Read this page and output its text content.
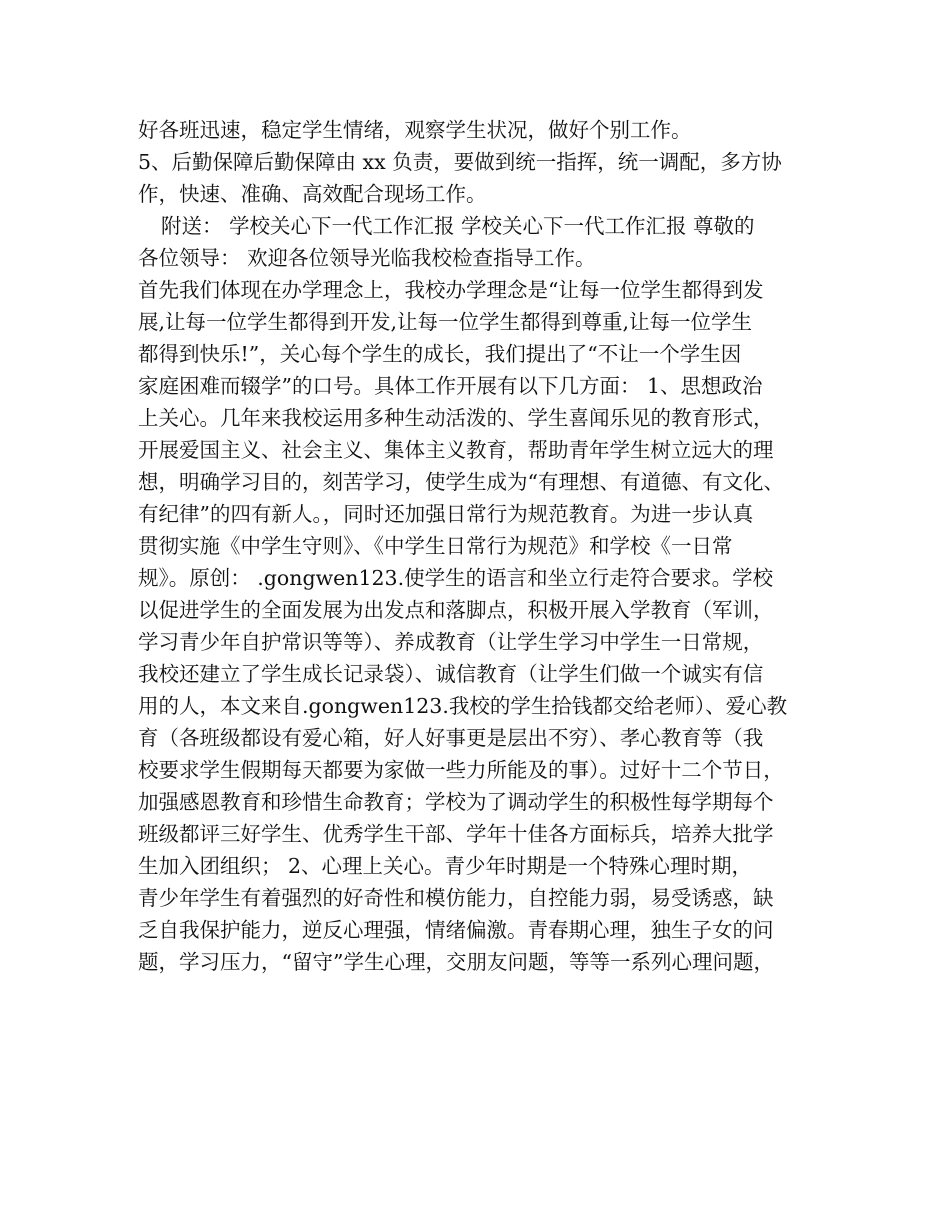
好各班迅速，稳定学生情绪，观察学生状况，做好个别工作。
5、后勤保障后勤保障由 xx 负责，要做到统一指挥，统一调配，多方协
作，快速、准确、高效配合现场工作。
附送： 学校关心下一代工作汇报 学校关心下一代工作汇报 尊敬的
各位领导： 欢迎各位领导光临我校检查指导工作。
首先我们体现在办学理念上，我校办学理念是“让每一位学生都得到发
展,让每一位学生都得到开发,让每一位学生都得到尊重,让每一位学生
都得到快乐!”，关心每个学生的成长，我们提出了“不让一个学生因
家庭困难而辍学”的口号。具体工作开展有以下几方面： 1、思想政治
上关心。几年来我校运用多种生动活泼的、学生喜闻乐见的教育形式，
开展爱国主义、社会主义、集体主义教育，帮助青年学生树立远大的理
想，明确学习目的，刻苦学习，使学生成为“有理想、有道德、有文化、
有纪律”的四有新人。，同时还加强日常行为规范教育。为进一步认真
贯彻实施《中学生守则》、《中学生日常行为规范》和学校《一日常
规》。原创： .gongwen123.使学生的语言和坐立行走符合要求。学校
以促进学生的全面发展为出发点和落脚点，积极开展入学教育（军训，
学习青少年自护常识等等）、养成教育（让学生学习中学生一日常规，
我校还建立了学生成长记录袋）、诚信教育（让学生们做一个诚实有信
用的人，本文来自.gongwen123.我校的学生拾钱都交给老师）、爱心教
育（各班级都设有爱心箱，好人好事更是层出不穷）、孝心教育等（我
校要求学生假期每天都要为家做一些力所能及的事）。过好十二个节日，
加强感恩教育和珍惜生命教育；学校为了调动学生的积极性每学期每个
班级都评三好学生、优秀学生干部、学年十佳各方面标兵，培养大批学
生加入团组织； 2、心理上关心。青少年时期是一个特殊心理时期，
青少年学生有着强烈的好奇性和模仿能力，自控能力弱，易受诱惑，缺
乏自我保护能力，逆反心理强，情绪偏激。青春期心理，独生子女的问
题，学习压力，“留守”学生心理，交朋友问题，等等一系列心理问题，
